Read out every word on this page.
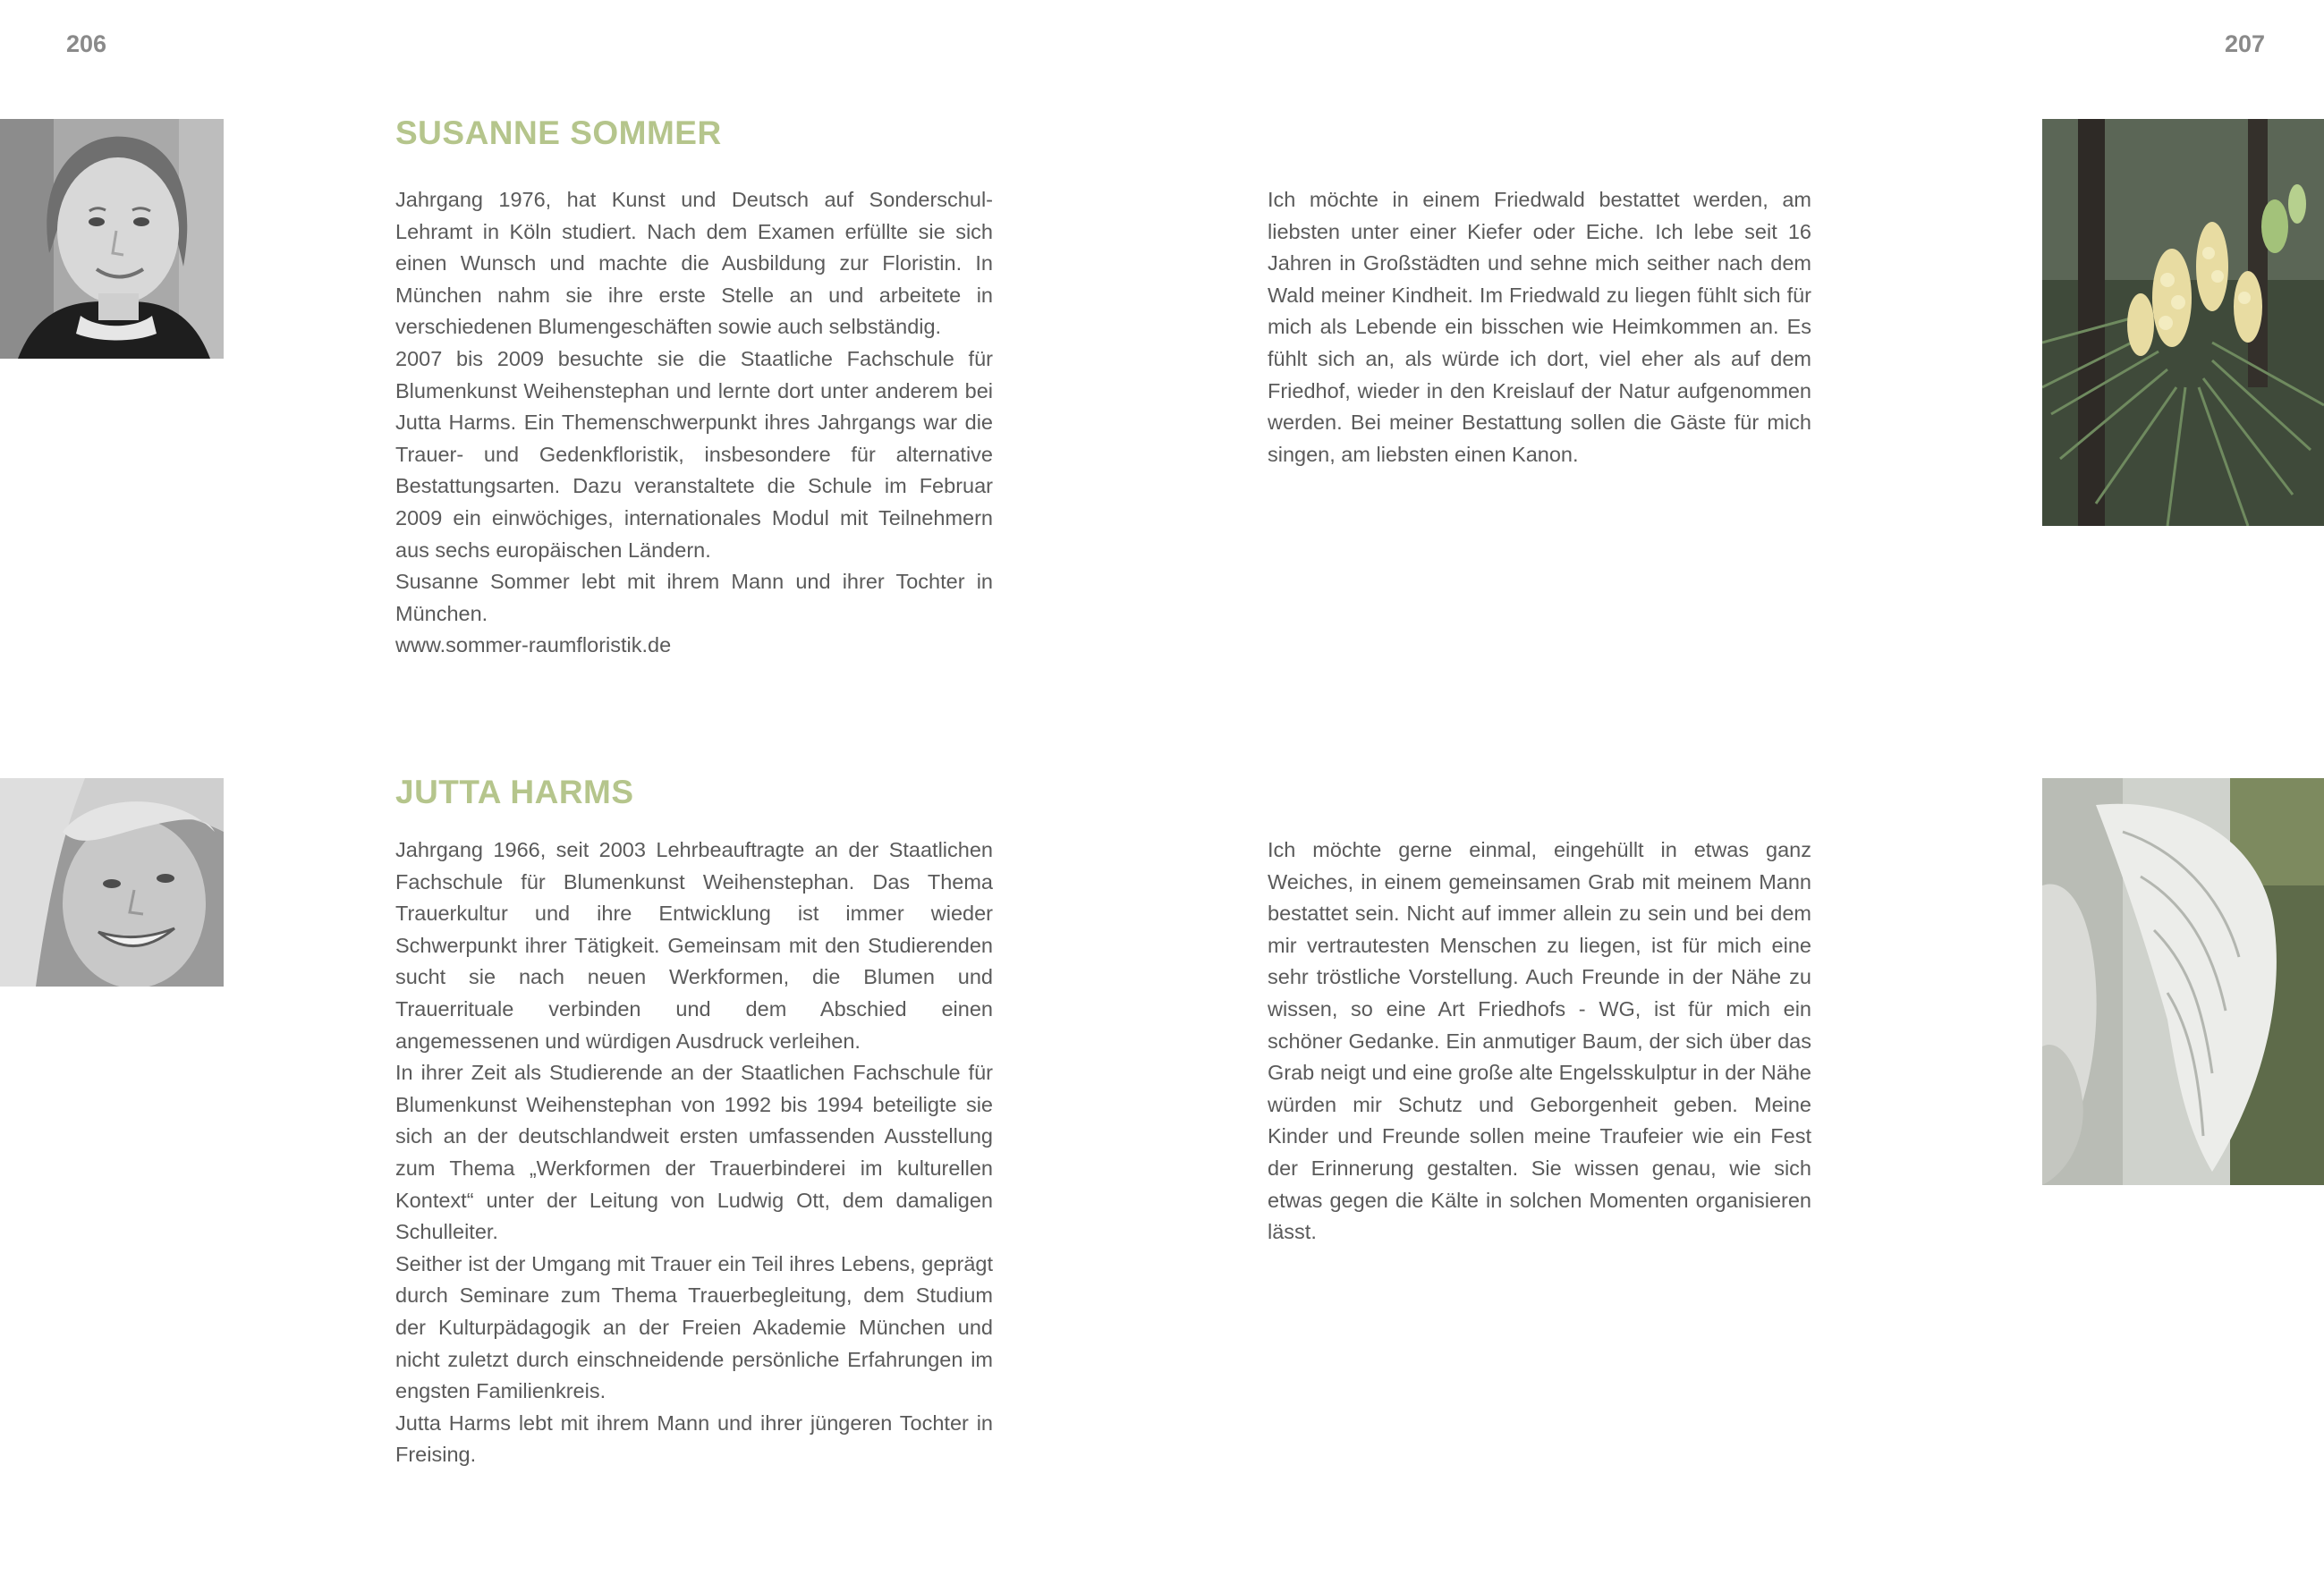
206	207
SUSANNE SOMMER

Jahrgang 1976, hat Kunst und Deutsch auf Sonderschul-Lehramt in Köln studiert. Nach dem Examen erfüllte sie sich einen Wunsch und machte die Ausbildung zur Floristin. In München nahm sie ihre erste Stelle an und arbeitete in verschiedenen Blumengeschäften sowie auch selbständig.

2007 bis 2009 besuchte sie die Staatliche Fachschule für Blumenkunst Weihenstephan und lernte dort unter anderem bei Jutta Harms. Ein Themenschwerpunkt ihres Jahrgangs war die Trauer- und Gedenkfloristik, insbesondere für alternative Bestattungsarten. Dazu veranstaltete die Schule im Februar 2009 ein einwöchiges, internationales Modul mit Teilnehmern aus sechs europäischen Ländern.

Susanne Sommer lebt mit ihrem Mann und ihrer Tochter in München.

www.sommer-raumfloristik.de

Ich möchte in einem Friedwald bestattet werden, am liebsten unter einer Kiefer oder Eiche. Ich lebe seit 16 Jahren in Großstädten und sehne mich seither nach dem Wald meiner Kindheit. Im Friedwald zu liegen fühlt sich für mich als Lebende ein bisschen wie Heimkommen an. Es fühlt sich an, als würde ich dort, viel eher als auf dem Friedhof, wieder in den Kreislauf der Natur aufgenommen werden. Bei meiner Bestattung sollen die Gäste für mich singen, am liebsten einen Kanon.

JUTTA HARMS

Jahrgang 1966, seit 2003 Lehrbeauftragte an der Staatlichen Fachschule für Blumenkunst Weihenstephan. Das Thema Trauerkultur und ihre Entwicklung ist immer wieder Schwerpunkt ihrer Tätigkeit. Gemeinsam mit den Studierenden sucht sie nach neuen Werkformen, die Blumen und Trauerrituale verbinden und dem Abschied einen angemessenen und würdigen Ausdruck verleihen.

In ihrer Zeit als Studierende an der Staatlichen Fachschule für Blumenkunst Weihenstephan von 1992 bis 1994 beteiligte sie sich an der deutschlandweit ersten umfassenden Ausstellung zum Thema „Werkformen der Trauerbinderei im kulturellen Kontext“ unter der Leitung von Ludwig Ott, dem damaligen Schulleiter.

Seither ist der Umgang mit Trauer ein Teil ihres Lebens, geprägt durch Seminare zum Thema Trauerbegleitung, dem Studium der Kulturpädagogik an der Freien Akademie München und nicht zuletzt durch einschneidende persönliche Erfahrungen im engsten Familienkreis.

Jutta Harms lebt mit ihrem Mann und ihrer jüngeren Tochter in Freising.

Ich möchte gerne einmal, eingehüllt in etwas ganz Weiches, in einem gemeinsamen Grab mit meinem Mann bestattet sein. Nicht auf immer allein zu sein und bei dem mir vertrautesten Menschen zu liegen, ist für mich eine sehr tröstliche Vorstellung. Auch Freunde in der Nähe zu wissen, so eine Art Friedhofs - WG, ist für mich ein schöner Gedanke. Ein anmutiger Baum, der sich über das Grab neigt und eine große alte Engelsskulptur in der Nähe würden mir Schutz und Geborgenheit geben. Meine Kinder und Freunde sollen meine Traufeier wie ein Fest der Erinnerung gestalten. Sie wissen genau, wie sich etwas gegen die Kälte in solchen Momenten organisieren lässt.
